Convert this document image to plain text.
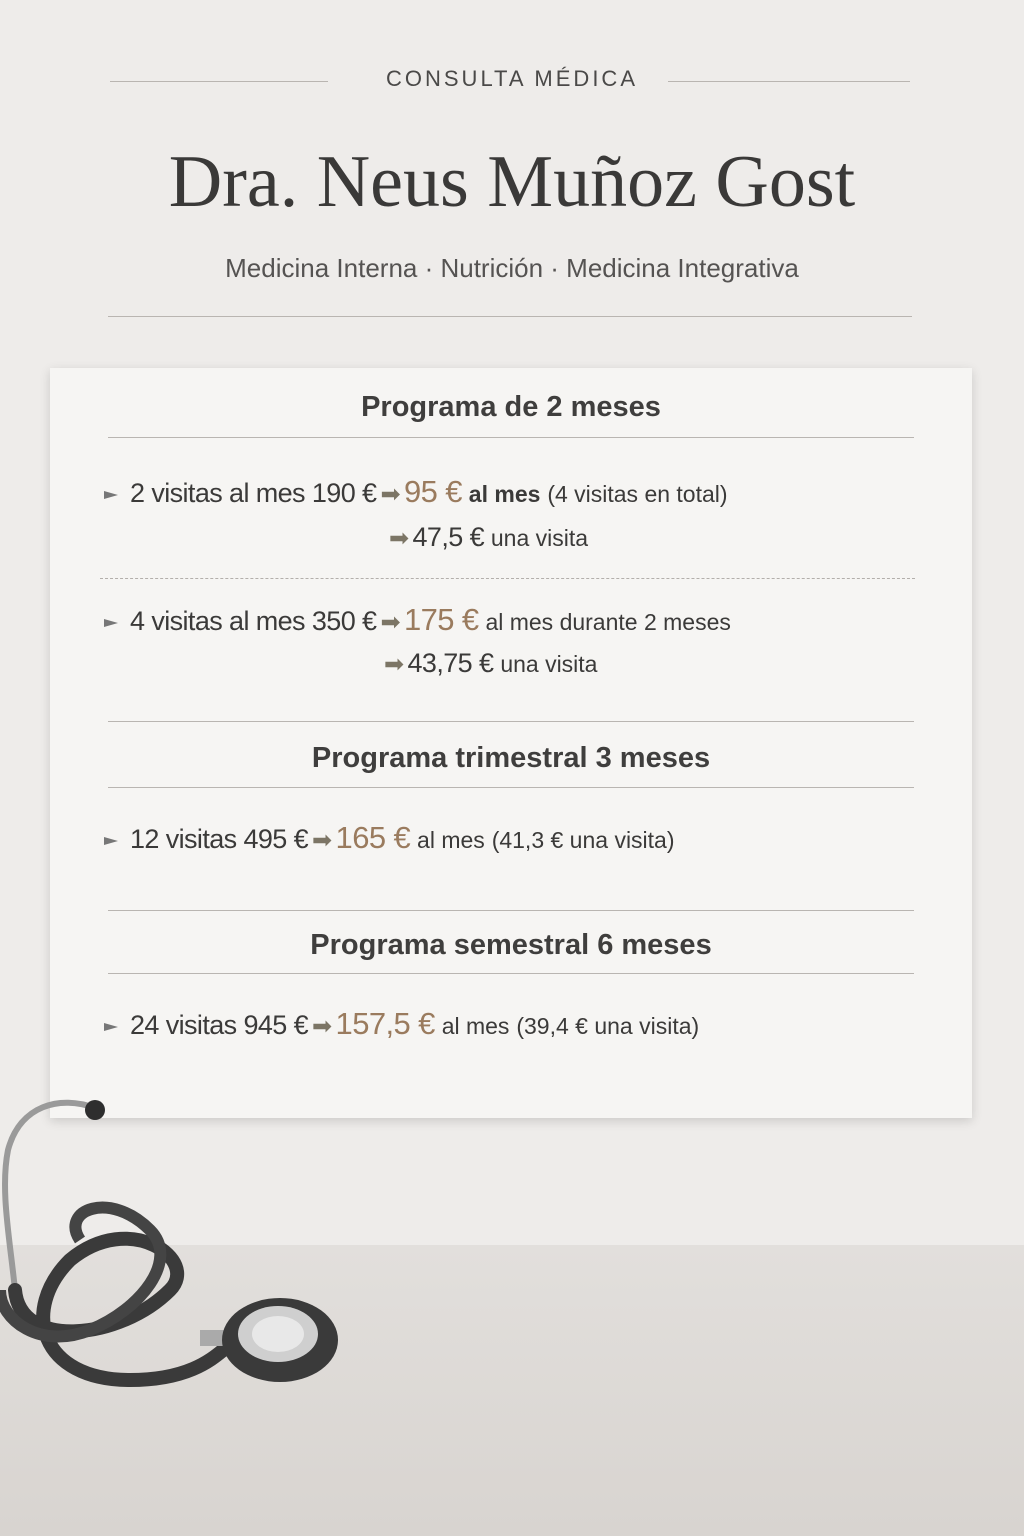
CONSULTA MÉDICA
Dra. Neus Muñoz Gost
Medicina Interna · Nutrición · Medicina Integrativa
Programa de 2 meses
2 visitas al mes 190 € ➡ 95 € al mes (4 visitas en total)
➡ 47,5 € una visita
4 visitas al mes 350 € ➡ 175 € al mes durante 2 meses
➡ 43,75 € una visita
Programa trimestral 3 meses
12 visitas 495 € ➡ 165 € al mes (41,3 € una visita)
Programa semestral 6 meses
24 visitas 945 € ➡ 157,5 € al mes (39,4 € una visita)
